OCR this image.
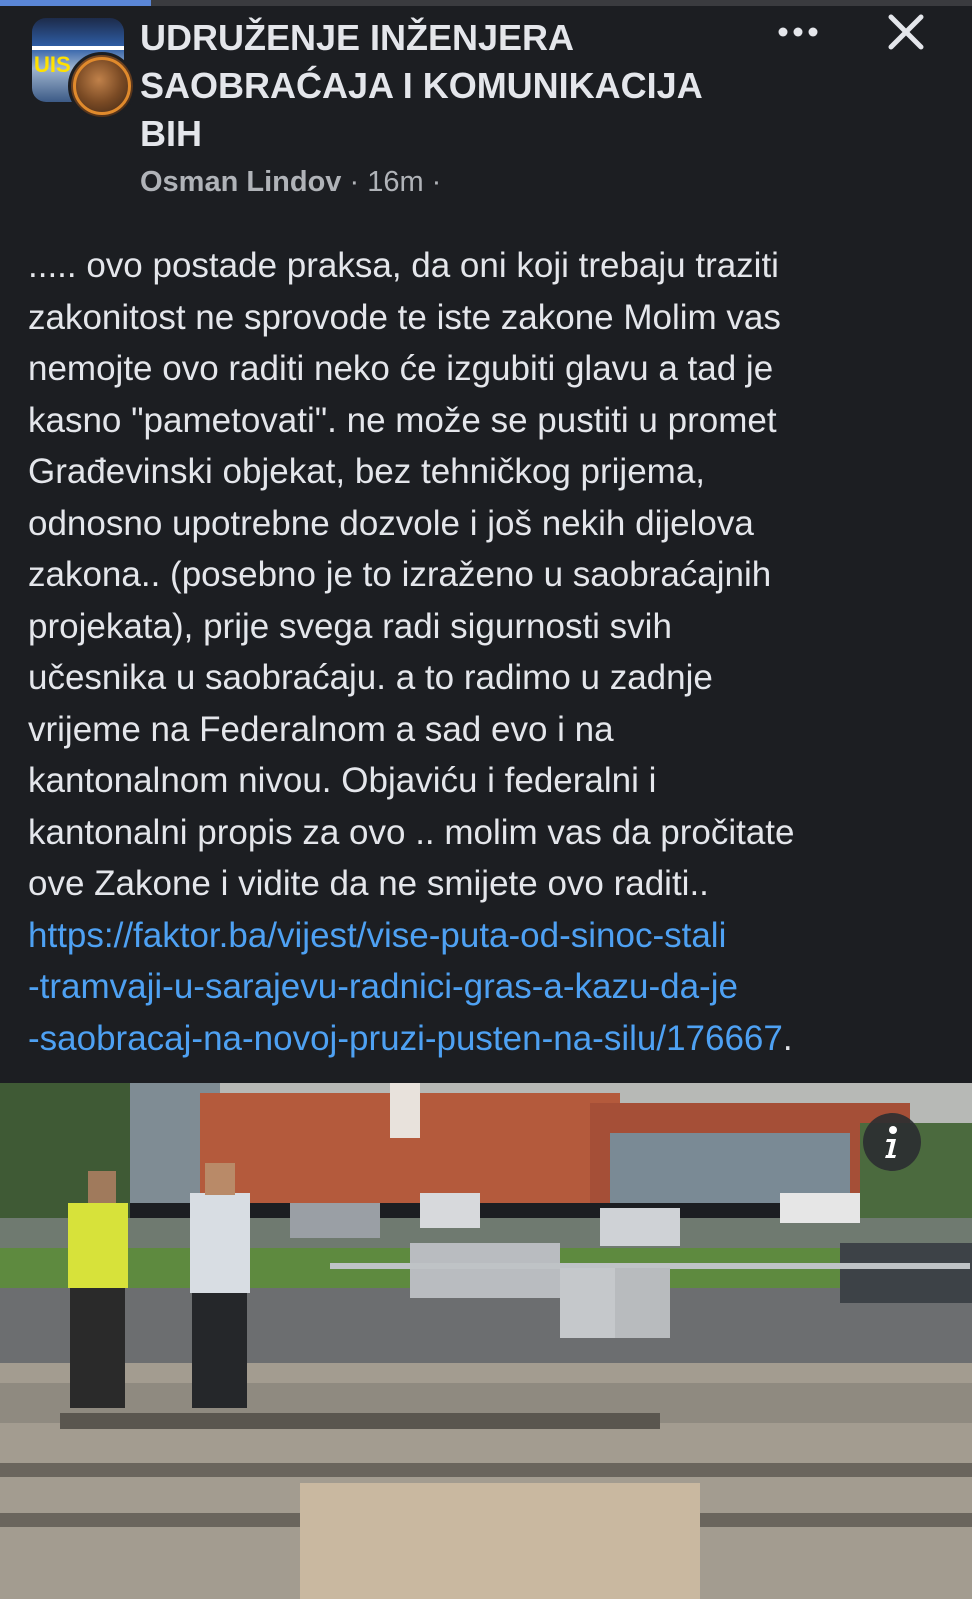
UIS
UDRUŽENJE INŽENJERA
SAOBRAĆAJA I KOMUNIKACIJA
BIH
Osman Lindov · 16m ·

..... ovo postade praksa, da oni koji trebaju traziti
zakonitost ne sprovode te iste zakone Molim vas
nemojte ovo raditi neko će izgubiti glavu a tad je
kasno "pametovati". ne može se pustiti u promet
Građevinski objekat, bez tehničkog prijema,
odnosno upotrebne dozvole i još nekih dijelova
zakona.. (posebno je to izraženo u saobraćajnih
projekata), prije svega radi sigurnosti svih
učesnika u saobraćaju. a to radimo u zadnje
vrijeme na Federalnom a sad evo i na
kantonalnom nivou. Objaviću i federalni i
kantonalni propis za ovo .. molim vas da pročitate
ove Zakone i vidite da ne smijete ovo raditi..
https://faktor.ba/vijest/vise-puta-od-sinoc-stali
-tramvaji-u-sarajevu-radnici-gras-a-kazu-da-je
-saobracaj-na-novoj-pruzi-pusten-na-silu/176667.
